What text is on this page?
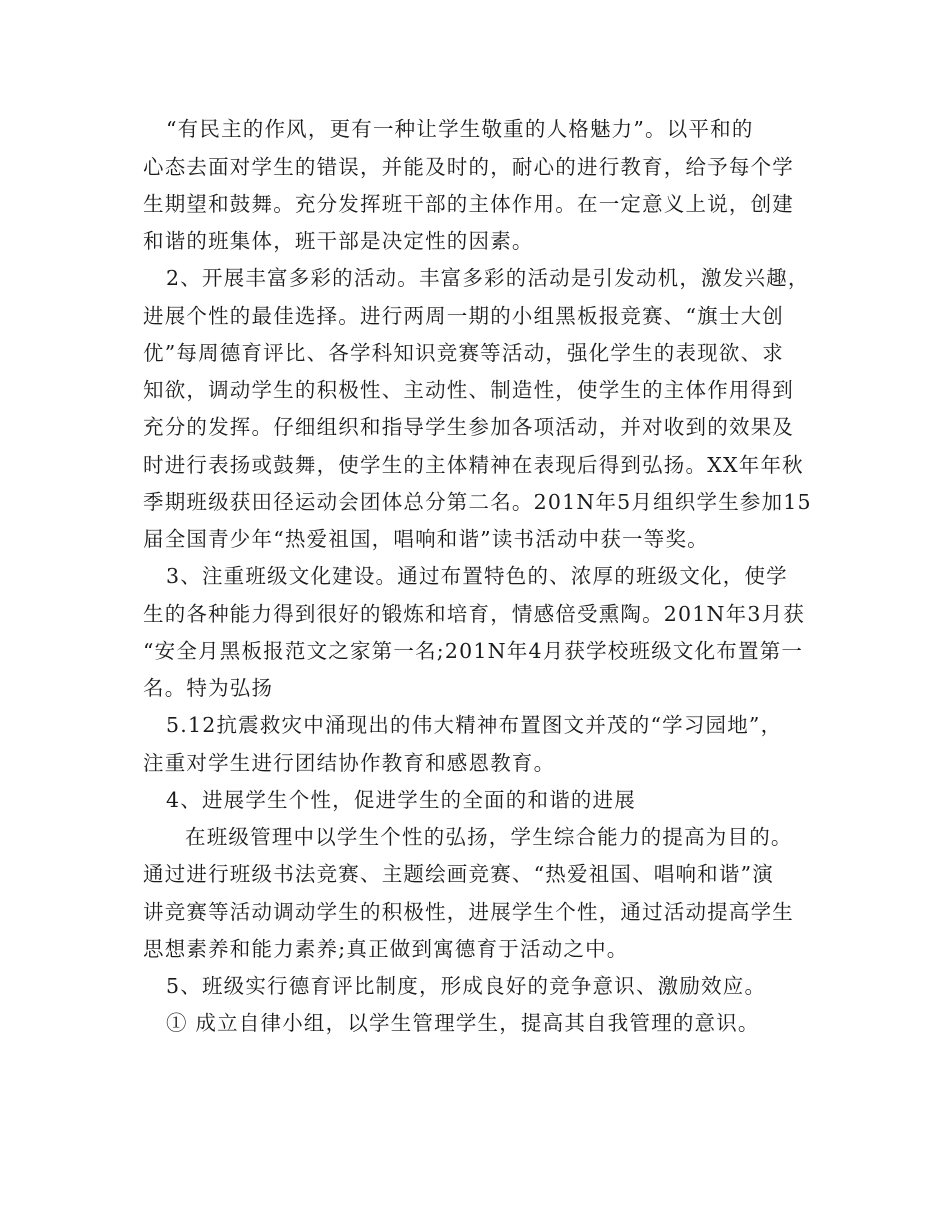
“有民主的作风，更有一种让学生敬重的人格魅力”。以平和的

心态去面对学生的错误，并能及时的，耐心的进行教育，给予每个学

生期望和鼓舞。充分发挥班干部的主体作用。在一定意义上说，创建

和谐的班集体，班干部是决定性的因素。

2、开展丰富多彩的活动。丰富多彩的活动是引发动机，激发兴趣，

进展个性的最佳选择。进行两周一期的小组黑板报竞赛、“旗士大创

优”每周德育评比、各学科知识竞赛等活动，强化学生的表现欲、求

知欲，调动学生的积极性、主动性、制造性，使学生的主体作用得到

充分的发挥。仔细组织和指导学生参加各项活动，并对收到的效果及

时进行表扬或鼓舞，使学生的主体精神在表现后得到弘扬。XX年年秋

季期班级获田径运动会团体总分第二名。201N年5月组织学生参加15

届全国青少年“热爱祖国，唱响和谐”读书活动中获一等奖。

3、注重班级文化建设。通过布置特色的、浓厚的班级文化，使学

生的各种能力得到很好的锻炼和培育，情感倍受熏陶。201N年3月获

“安全月黑板报范文之家第一名;201N年4月获学校班级文化布置第一

名。特为弘扬

5.12抗震救灾中涌现出的伟大精神布置图文并茂的“学习园地”，

注重对学生进行团结协作教育和感恩教育。

4、进展学生个性，促进学生的全面的和谐的进展

在班级管理中以学生个性的弘扬，学生综合能力的提高为目的。

通过进行班级书法竞赛、主题绘画竞赛、“热爱祖国、唱响和谐”演

讲竞赛等活动调动学生的积极性，进展学生个性，通过活动提高学生

思想素养和能力素养;真正做到寓德育于活动之中。

5、班级实行德育评比制度，形成良好的竞争意识、激励效应。

① 成立自律小组，以学生管理学生，提高其自我管理的意识。
